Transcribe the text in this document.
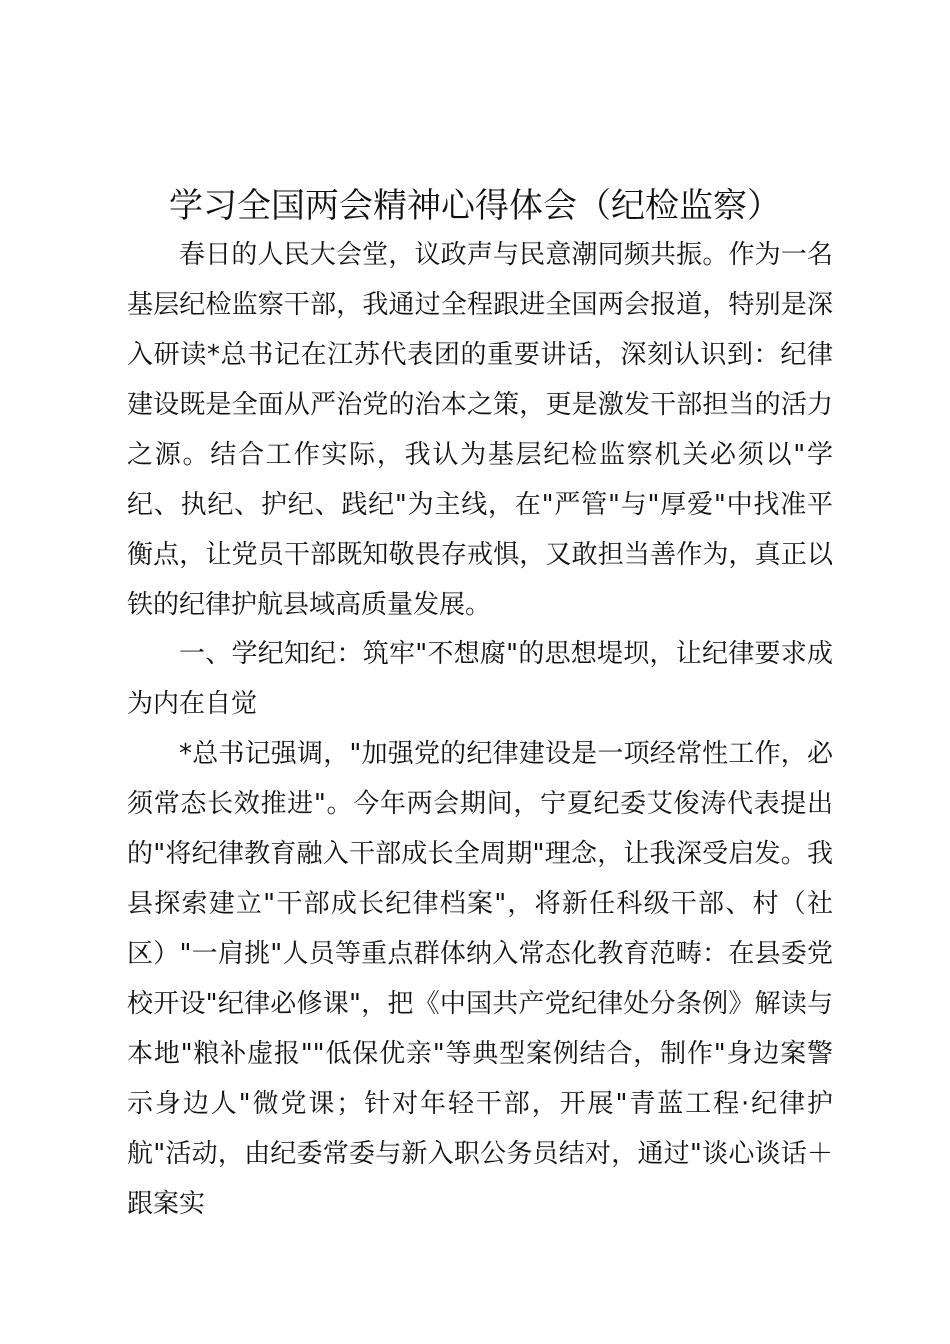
学习全国两会精神心得体会（纪检监察）

春日的人民大会堂，议政声与民意潮同频共振。作为一名基层纪检监察干部，我通过全程跟进全国两会报道，特别是深入研读*总书记在江苏代表团的重要讲话，深刻认识到：纪律建设既是全面从严治党的治本之策，更是激发干部担当的活力之源。结合工作实际，我认为基层纪检监察机关必须以"学纪、执纪、护纪、践纪"为主线，在"严管"与"厚爱"中找准平衡点，让党员干部既知敬畏存戒惧，又敢担当善作为，真正以铁的纪律护航县域高质量发展。

一、学纪知纪：筑牢"不想腐"的思想堤坝，让纪律要求成为内在自觉

*总书记强调，"加强党的纪律建设是一项经常性工作，必须常态长效推进"。今年两会期间，宁夏纪委艾俊涛代表提出的"将纪律教育融入干部成长全周期"理念，让我深受启发。我县探索建立"干部成长纪律档案"，将新任科级干部、村（社区）"一肩挑"人员等重点群体纳入常态化教育范畴：在县委党校开设"纪律必修课"，把《中国共产党纪律处分条例》解读与本地"粮补虚报""低保优亲"等典型案例结合，制作"身边案警示身边人"微党课；针对年轻干部，开展"青蓝工程·纪律护航"活动，由纪委常委与新入职公务员结对，通过"谈心谈话＋跟案实
